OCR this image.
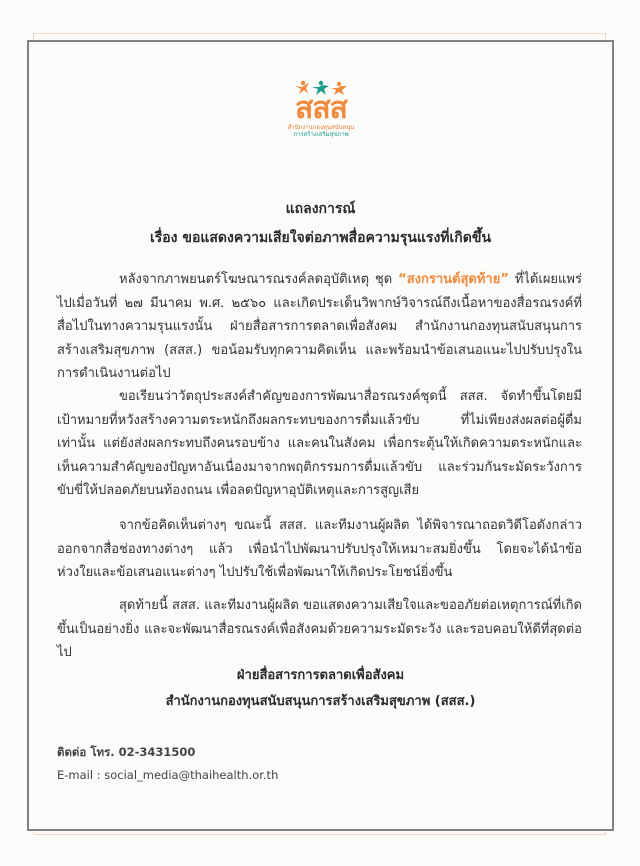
สสส
สำนักงานกองทุนสนับสนุน
การสร้างเสริมสุขภาพ
แถลงการณ์
เรื่อง ขอแสดงความเสียใจต่อภาพสื่อความรุนแรงที่เกิดขึ้น
หลังจากภาพยนตร์โฆษณารณรงค์ลดอุบัติเหตุ ชุด “สงกรานต์สุดท้าย” ที่ได้เผยแพร่ไปเมื่อวันที่ ๒๗ มีนาคม พ.ศ. ๒๕๖๐ และเกิดประเด็นวิพากษ์วิจารณ์ถึงเนื้อหาของสื่อรณรงค์ที่สื่อไปในทางความรุนแรงนั้น ฝ่ายสื่อสารการตลาดเพื่อสังคม สำนักงานกองทุนสนับสนุนการสร้างเสริมสุขภาพ (สสส.) ขอน้อมรับทุกความคิดเห็น และพร้อมนำข้อเสนอแนะไปปรับปรุงในการดำเนินงานต่อไป
ขอเรียนว่าวัตถุประสงค์สำคัญของการพัฒนาสื่อรณรงค์ชุดนี้ สสส. จัดทำขึ้นโดยมีเป้าหมายที่หวังสร้างความตระหนักถึงผลกระทบของการดื่มแล้วขับ ที่ไม่เพียงส่งผลต่อผู้ดื่มเท่านั้น แต่ยังส่งผลกระทบถึงคนรอบข้าง และคนในสังคม เพื่อกระตุ้นให้เกิดความตระหนักและเห็นความสำคัญของปัญหาอันเนื่องมาจากพฤติกรรมการดื่มแล้วขับ และร่วมกันระมัดระวังการขับขี่ให้ปลอดภัยบนท้องถนน เพื่อลดปัญหาอุบัติเหตุและการสูญเสีย
จากข้อคิดเห็นต่างๆ ขณะนี้ สสส. และทีมงานผู้ผลิต ได้พิจารณาถอดวิดีโอดังกล่าวออกจากสื่อช่องทางต่างๆ แล้ว เพื่อนำไปพัฒนาปรับปรุงให้เหมาะสมยิ่งขึ้น โดยจะได้นำข้อห่วงใยและข้อเสนอแนะต่างๆ ไปปรับใช้เพื่อพัฒนาให้เกิดประโยชน์ยิ่งขึ้น
สุดท้ายนี้ สสส. และทีมงานผู้ผลิต ขอแสดงความเสียใจและขออภัยต่อเหตุการณ์ที่เกิดขึ้นเป็นอย่างยิ่ง และจะพัฒนาสื่อรณรงค์เพื่อสังคมด้วยความระมัดระวัง และรอบคอบให้ดีที่สุดต่อไป
ฝ่ายสื่อสารการตลาดเพื่อสังคม
สำนักงานกองทุนสนับสนุนการสร้างเสริมสุขภาพ (สสส.)
ติดต่อ โทร. 02-3431500
E-mail : social_media@thaihealth.or.th
